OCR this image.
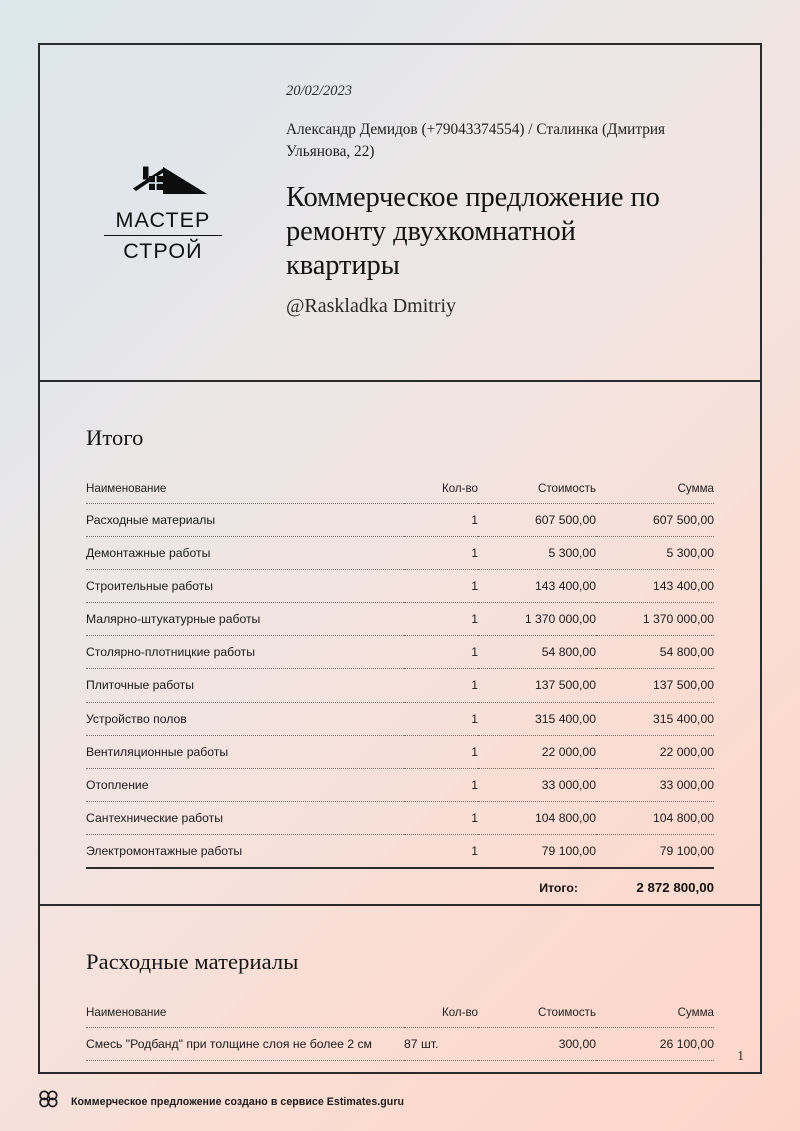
МАСТЕР
СТРОЙ
20/02/2023
Александр Демидов (+79043374554) / Сталинка (Дмитрия Ульянова, 22)
Коммерческое предложение по ремонту двухкомнатной квартиры
@Raskladka Dmitriy
Итого
Наименование	Кол-во	Стоимость	Сумма
Расходные материалы	1	607 500,00	607 500,00
Демонтажные работы	1	5 300,00	5 300,00
Строительные работы	1	143 400,00	143 400,00
Малярно-штукатурные работы	1	1 370 000,00	1 370 000,00
Столярно-плотницкие работы	1	54 800,00	54 800,00
Плиточные работы	1	137 500,00	137 500,00
Устройство полов	1	315 400,00	315 400,00
Вентиляционные работы	1	22 000,00	22 000,00
Отопление	1	33 000,00	33 000,00
Сантехнические работы	1	104 800,00	104 800,00
Электромонтажные работы	1	79 100,00	79 100,00
Итого:	2 872 800,00
Расходные материалы
Наименование	Кол-во	Стоимость	Сумма
Смесь "Родбанд" при толщине слоя не более 2 см	87 шт.	300,00	26 100,00
1
Коммерческое предложение создано в сервисе Estimates.guru
